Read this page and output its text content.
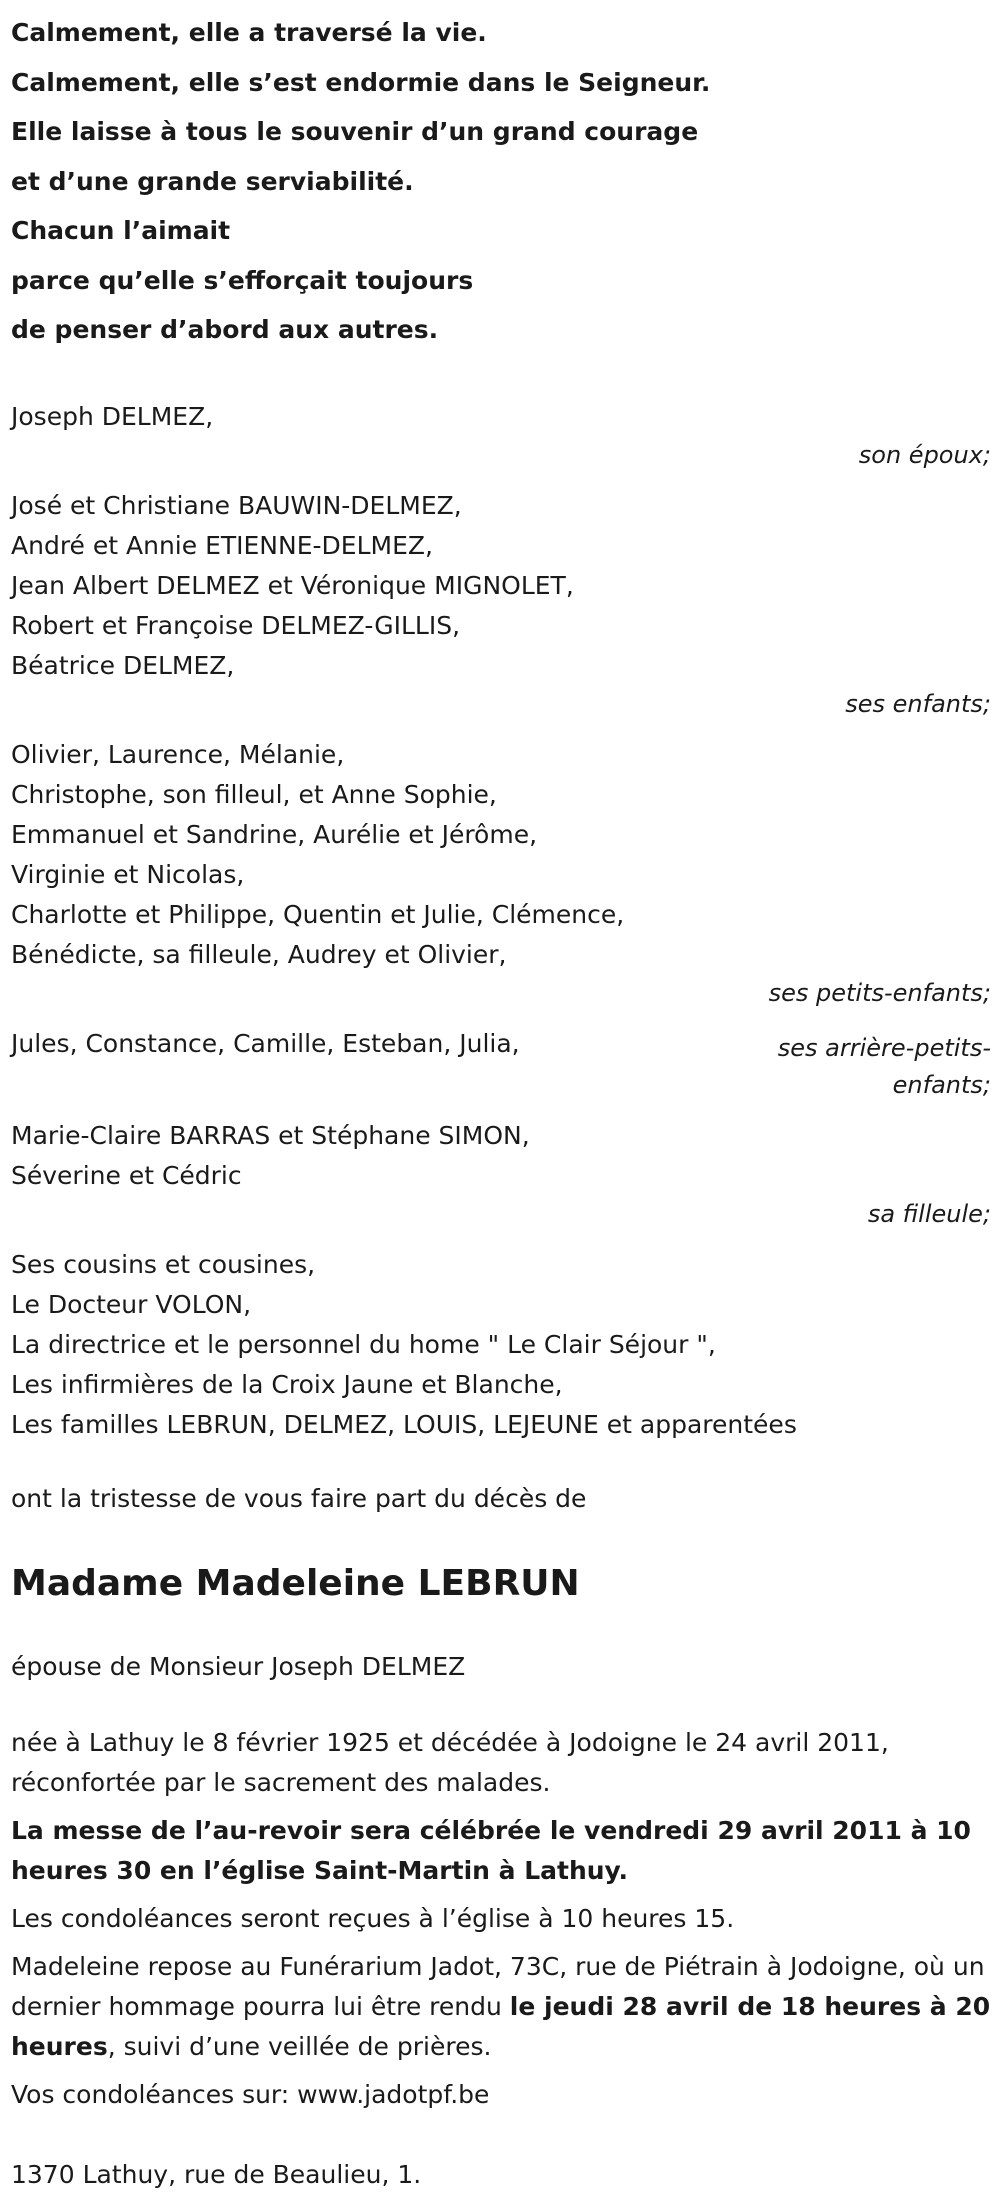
Calmement, elle a traversé la vie.
Calmement, elle s’est endormie dans le Seigneur.
Elle laisse à tous le souvenir d’un grand courage
et d’une grande serviabilité.
Chacun l’aimait
parce qu’elle s’efforçait toujours
de penser d’abord aux autres.
Joseph DELMEZ,
son époux;
José et Christiane BAUWIN-DELMEZ,
André et Annie ETIENNE-DELMEZ,
Jean Albert DELMEZ et Véronique MIGNOLET,
Robert et Françoise DELMEZ-GILLIS,
Béatrice DELMEZ,
ses enfants;
Olivier, Laurence, Mélanie,
Christophe, son filleul, et Anne Sophie,
Emmanuel et Sandrine, Aurélie et Jérôme,
Virginie et Nicolas,
Charlotte et Philippe, Quentin et Julie, Clémence,
Bénédicte, sa filleule, Audrey et Olivier,
ses petits-enfants;
Jules, Constance, Camille, Esteban, Julia,	ses arrière-petits-enfants;
Marie-Claire BARRAS et Stéphane SIMON,
Séverine et Cédric
sa filleule;
Ses cousins et cousines,
Le Docteur VOLON,
La directrice et le personnel du home " Le Clair Séjour ",
Les infirmières de la Croix Jaune et Blanche,
Les familles LEBRUN, DELMEZ, LOUIS, LEJEUNE et apparentées
ont la tristesse de vous faire part du décès de
Madame Madeleine LEBRUN
épouse de Monsieur Joseph DELMEZ
née à Lathuy le 8 février 1925 et décédée à Jodoigne le 24 avril 2011, réconfortée par le sacrement des malades.
La messe de l’au-revoir sera célébrée le vendredi 29 avril 2011 à 10 heures 30 en l’église Saint-Martin à Lathuy.
Les condoléances seront reçues à l’église à 10 heures 15.
Madeleine repose au Funérarium Jadot, 73C, rue de Piétrain à Jodoigne, où un dernier hommage pourra lui être rendu le jeudi 28 avril de 18 heures à 20 heures, suivi d’une veillée de prières.
Vos condoléances sur: www.jadotpf.be
1370 Lathuy, rue de Beaulieu, 1.
